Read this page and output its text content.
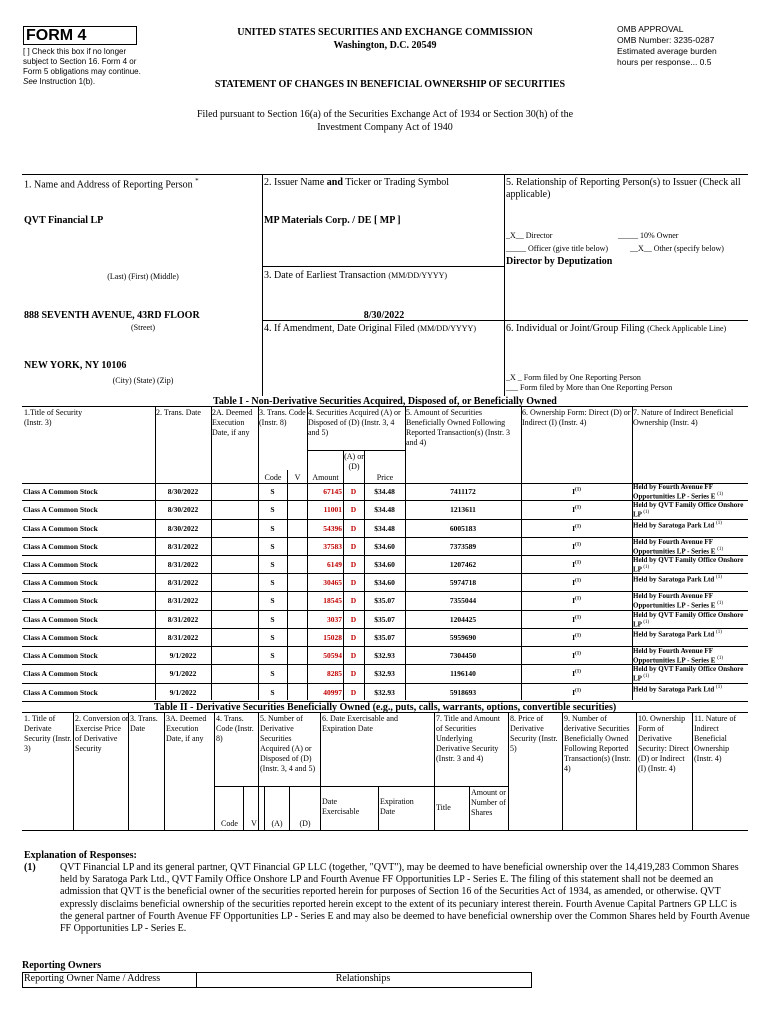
FORM 4
[ ] Check this box if no longer subject to Section 16. Form 4 or Form 5 obligations may continue. See Instruction 1(b).
UNITED STATES SECURITIES AND EXCHANGE COMMISSION
Washington, D.C. 20549
STATEMENT OF CHANGES IN BENEFICIAL OWNERSHIP OF SECURITIES
OMB APPROVAL
OMB Number: 3235-0287
Estimated average burden
hours per response... 0.5
Filed pursuant to Section 16(a) of the Securities Exchange Act of 1934 or Section 30(h) of the
Investment Company Act of 1940
1. Name and Address of Reporting Person *
QVT Financial LP
(Last) (First) (Middle)
888 SEVENTH AVENUE, 43RD FLOOR
(Street)
NEW YORK, NY 10106
(City) (State) (Zip)
2. Issuer Name and Ticker or Trading Symbol
MP Materials Corp. / DE [ MP ]
3. Date of Earliest Transaction (MM/DD/YYYY)
8/30/2022
4. If Amendment, Date Original Filed (MM/DD/YYYY)
5. Relationship of Reporting Person(s) to Issuer (Check all applicable)
_X__ Director	_____ 10% Owner
_____ Officer (give title below)	__X__ Other (specify below)
Director by Deputization
6. Individual or Joint/Group Filing (Check Applicable Line)
_X _ Form filed by One Reporting Person
___ Form filed by More than One Reporting Person
Table I - Non-Derivative Securities Acquired, Disposed of, or Beneficially Owned
1.Title of Security (Instr. 3)
2. Trans. Date	2A. Deemed Execution Date, if any
3. Trans. Code (Instr. 8)
4. Securities Acquired (A) or Disposed of (D) (Instr. 3, 4 and 5)
5. Amount of Securities Beneficially Owned Following Reported Transaction(s) (Instr. 3 and 4)
6. Ownership Form: Direct (D) or Indirect (I) (Instr. 4)
7. Nature of Indirect Beneficial Ownership (Instr. 4)
Code	V	Amount
(A) or (D)
Price
Class A Common Stock	8/30/2022		S		67145	D	$34.48	7411172	$I^{(1)}$	Held by Fourth Avenue FF Opportunities LP - Series E $^{(1)}$
Class A Common Stock	8/30/2022		S		11001	D	$34.48	1213611	$I^{(1)}$	Held by QVT Family Office Onshore LP $^{(1)}$
Class A Common Stock	8/30/2022		S		54396	D	$34.48	6005183	$I^{(1)}$	Held by Saratoga Park Ltd $^{(1)}$
Class A Common Stock	8/31/2022		S		37583	D	$34.60	7373589	$I^{(1)}$	Held by Fourth Avenue FF Opportunities LP - Series E $^{(1)}$
Class A Common Stock	8/31/2022		S		6149	D	$34.60	1207462	$I^{(1)}$	Held by QVT Family Office Onshore LP $^{(1)}$
Class A Common Stock	8/31/2022		S		30465	D	$34.60	5974718	$I^{(1)}$	Held by Saratoga Park Ltd $^{(1)}$
Class A Common Stock	8/31/2022		S		18545	D	$35.07	7355044	$I^{(1)}$	Held by Fourth Avenue FF Opportunities LP - Series E $^{(1)}$
Class A Common Stock	8/31/2022		S		3037	D	$35.07	1204425	$I^{(1)}$	Held by QVT Family Office Onshore LP $^{(1)}$
Class A Common Stock	8/31/2022		S		15028	D	$35.07	5959690	$I^{(1)}$	Held by Saratoga Park Ltd $^{(1)}$
Class A Common Stock	9/1/2022		S		50594	D	$32.93	7304450	$I^{(1)}$	Held by Fourth Avenue FF Opportunities LP - Series E $^{(1)}$
Class A Common Stock	9/1/2022		S		8285	D	$32.93	1196140	$I^{(1)}$	Held by QVT Family Office Onshore LP $^{(1)}$
Class A Common Stock	9/1/2022		S		40997	D	$32.93	5918693	$I^{(1)}$	Held by Saratoga Park Ltd $^{(1)}$
Table II - Derivative Securities Beneficially Owned (e.g., puts, calls, warrants, options, convertible securities)
1. Title of Derivate Security (Instr. 3)
2. Conversion or Exercise Price of Derivative Security
3. Trans. Date
3A. Deemed Execution Date, if any
4. Trans. Code (Instr. 8)
5. Number of Derivative Securities Acquired (A) or Disposed of (D) (Instr. 3, 4 and 5)
6. Date Exercisable and Expiration Date
7. Title and Amount of Securities Underlying Derivative Security (Instr. 3 and 4)
8. Price of Derivative Security (Instr. 5)
9. Number of derivative Securities Beneficially Owned Following Reported Transaction(s) (Instr. 4)
10. Ownership Form of Derivative Security: Direct (D) or Indirect (I) (Instr. 4)
11. Nature of Indirect Beneficial Ownership (Instr. 4)
Code	V	(A)	(D)
Date Exercisable
Expiration Date	Title
Amount or Number of Shares
Explanation of Responses:
(1) QVT Financial LP and its general partner, QVT Financial GP LLC (together, "QVT"), may be deemed to have beneficial ownership over the 14,419,283 Common Shares held by Saratoga Park Ltd., QVT Family Office Onshore LP and Fourth Avenue FF Opportunities LP - Series E. The filing of this statement shall not be deemed an admission that QVT is the beneficial owner of the securities reported herein for purposes of Section 16 of the Securities Act of 1934, as amended, or otherwise. QVT expressly disclaims beneficial ownership of the securities reported herein except to the extent of its pecuniary interest therein. Fourth Avenue Capital Partners GP LLC is the general partner of Fourth Avenue FF Opportunities LP - Series E and may also be deemed to have beneficial ownership over the Common Shares held by Fourth Avenue FF Opportunities LP - Series E.
Reporting Owners
Reporting Owner Name / Address	Relationships
